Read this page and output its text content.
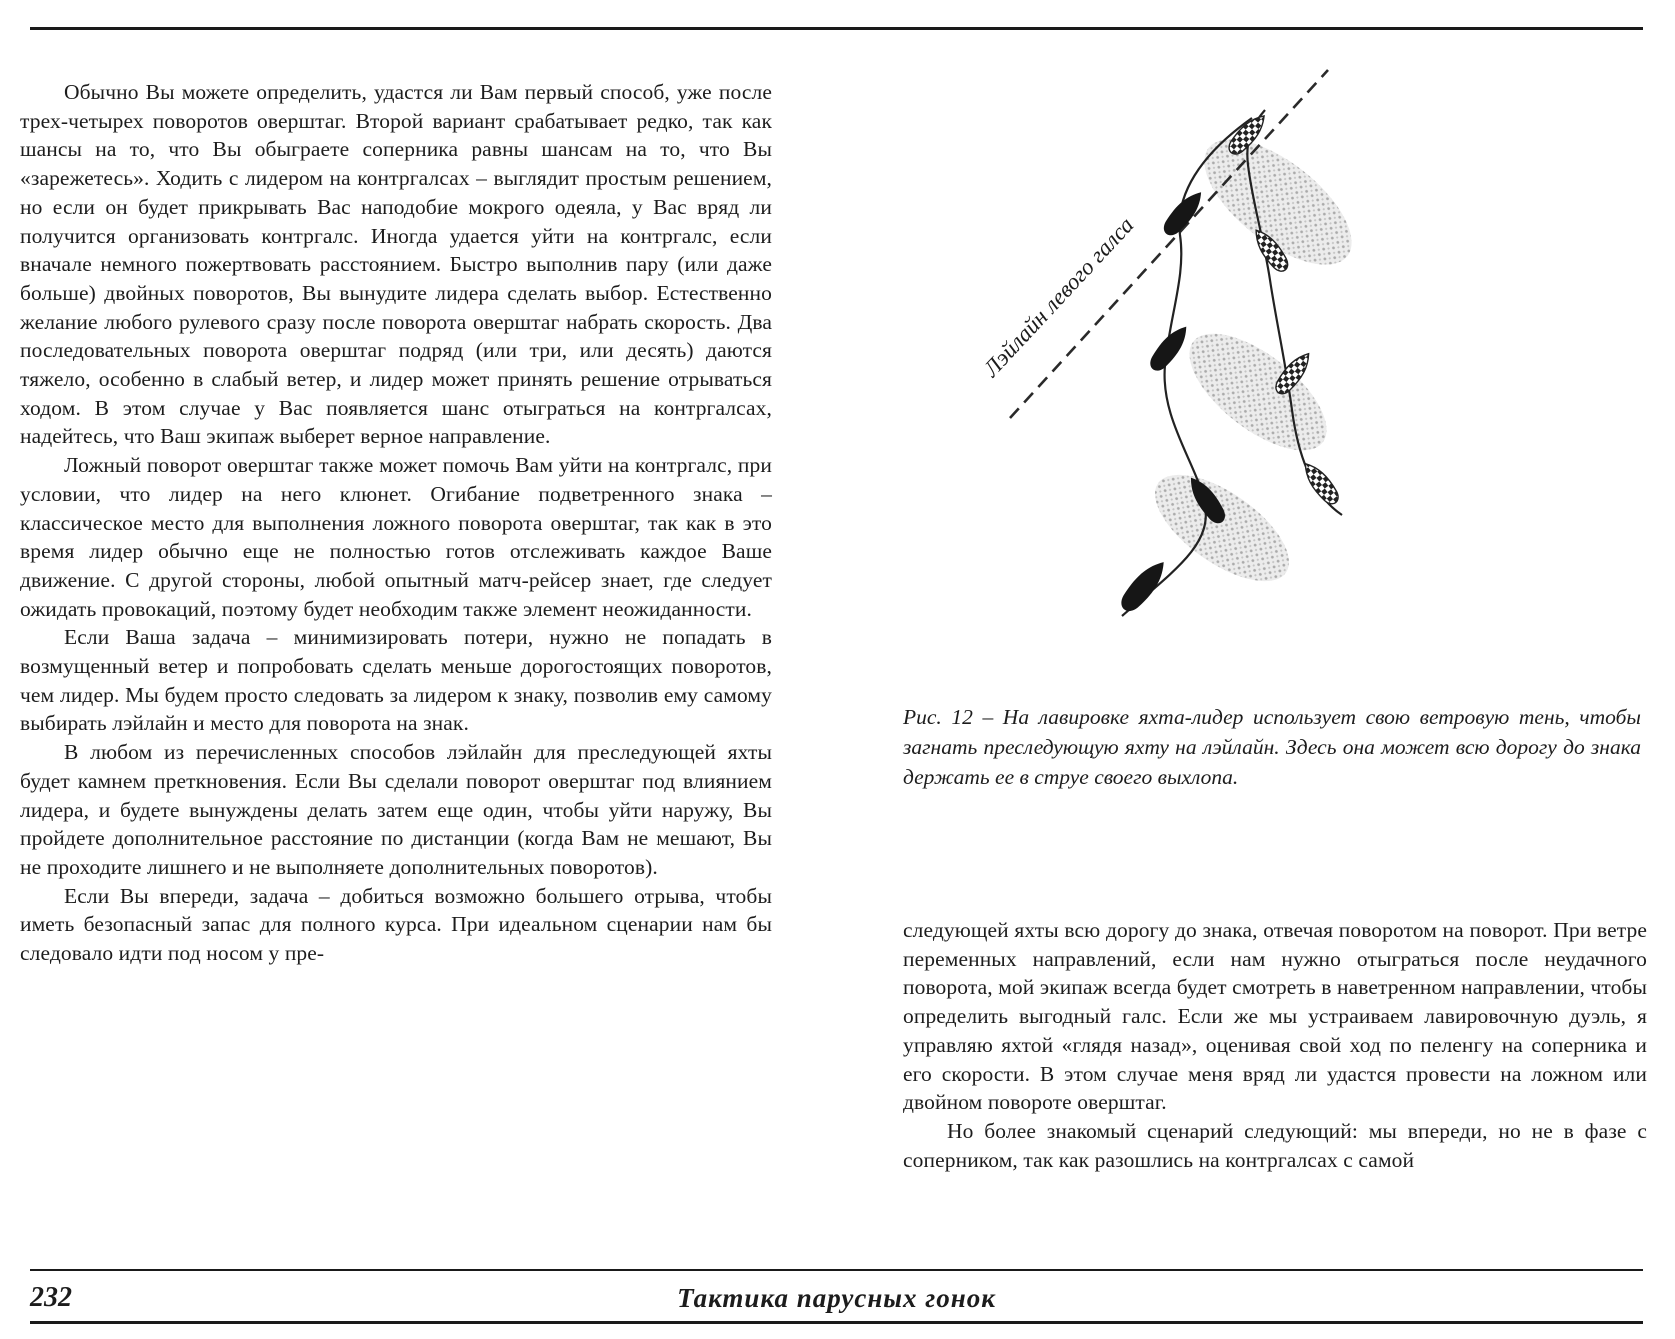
Обычно Вы можете определить, удастся ли Вам первый способ, уже после трех-четырех поворотов оверштаг. Второй вариант срабатывает редко, так как шансы на то, что Вы обыграете соперника равны шансам на то, что Вы «зарежетесь». Ходить с лидером на контргалсах – выглядит простым решением, но если он будет прикрывать Вас наподобие мокрого одеяла, у Вас вряд ли получится организовать контргалс. Иногда удается уйти на контргалс, если вначале немного пожертвовать расстоянием. Быстро выполнив пару (или даже больше) двойных поворотов, Вы вынудите лидера сделать выбор. Естественно желание любого рулевого сразу после поворота оверштаг набрать скорость. Два последовательных поворота оверштаг подряд (или три, или десять) даются тяжело, особенно в слабый ветер, и лидер может принять решение отрываться ходом. В этом случае у Вас появляется шанс отыграться на контргалсах, надейтесь, что Ваш экипаж выберет верное направление.

Ложный поворот оверштаг также может помочь Вам уйти на контргалс, при условии, что лидер на него клюнет. Огибание подветренного знака – классическое место для выполнения ложного поворота оверштаг, так как в это время лидер обычно еще не полностью готов отслеживать каждое Ваше движение. С другой стороны, любой опытный матч-рейсер знает, где следует ожидать провокаций, поэтому будет необходим также элемент неожиданности.

Если Ваша задача – минимизировать потери, нужно не попадать в возмущенный ветер и попробовать сделать меньше дорогостоящих поворотов, чем лидер. Мы будем просто следовать за лидером к знаку, позволив ему самому выбирать лэйлайн и место для поворота на знак.

В любом из перечисленных способов лэйлайн для преследующей яхты будет камнем преткновения. Если Вы сделали поворот оверштаг под влиянием лидера, и будете вынуждены делать затем еще один, чтобы уйти наружу, Вы пройдете дополнительное расстояние по дистанции (когда Вам не мешают, Вы не проходите лишнего и не выполняете дополнительных поворотов).

Если Вы впереди, задача – добиться возможно большего отрыва, чтобы иметь безопасный запас для полного курса. При идеальном сценарии нам бы следовало идти под носом у пре-

Лэйлайн левого галса
Рис. 12 – На лавировке яхта-лидер использует свою ветровую тень, чтобы загнать преследующую яхту на лэйлайн. Здесь она может всю дорогу до знака держать ее в струе своего выхлопа.

следующей яхты всю дорогу до знака, отвечая поворотом на поворот. При ветре переменных направлений, если нам нужно отыграться после неудачного поворота, мой экипаж всегда будет смотреть в наветренном направлении, чтобы определить выгодный галс. Если же мы устраиваем лавировочную дуэль, я управляю яхтой «глядя назад», оценивая свой ход по пеленгу на соперника и его скорости. В этом случае меня вряд ли удастся провести на ложном или двойном повороте оверштаг.

Но более знакомый сценарий следующий: мы впереди, но не в фазе с соперником, так как разошлись на контргалсах с самой

232	Тактика парусных гонок
